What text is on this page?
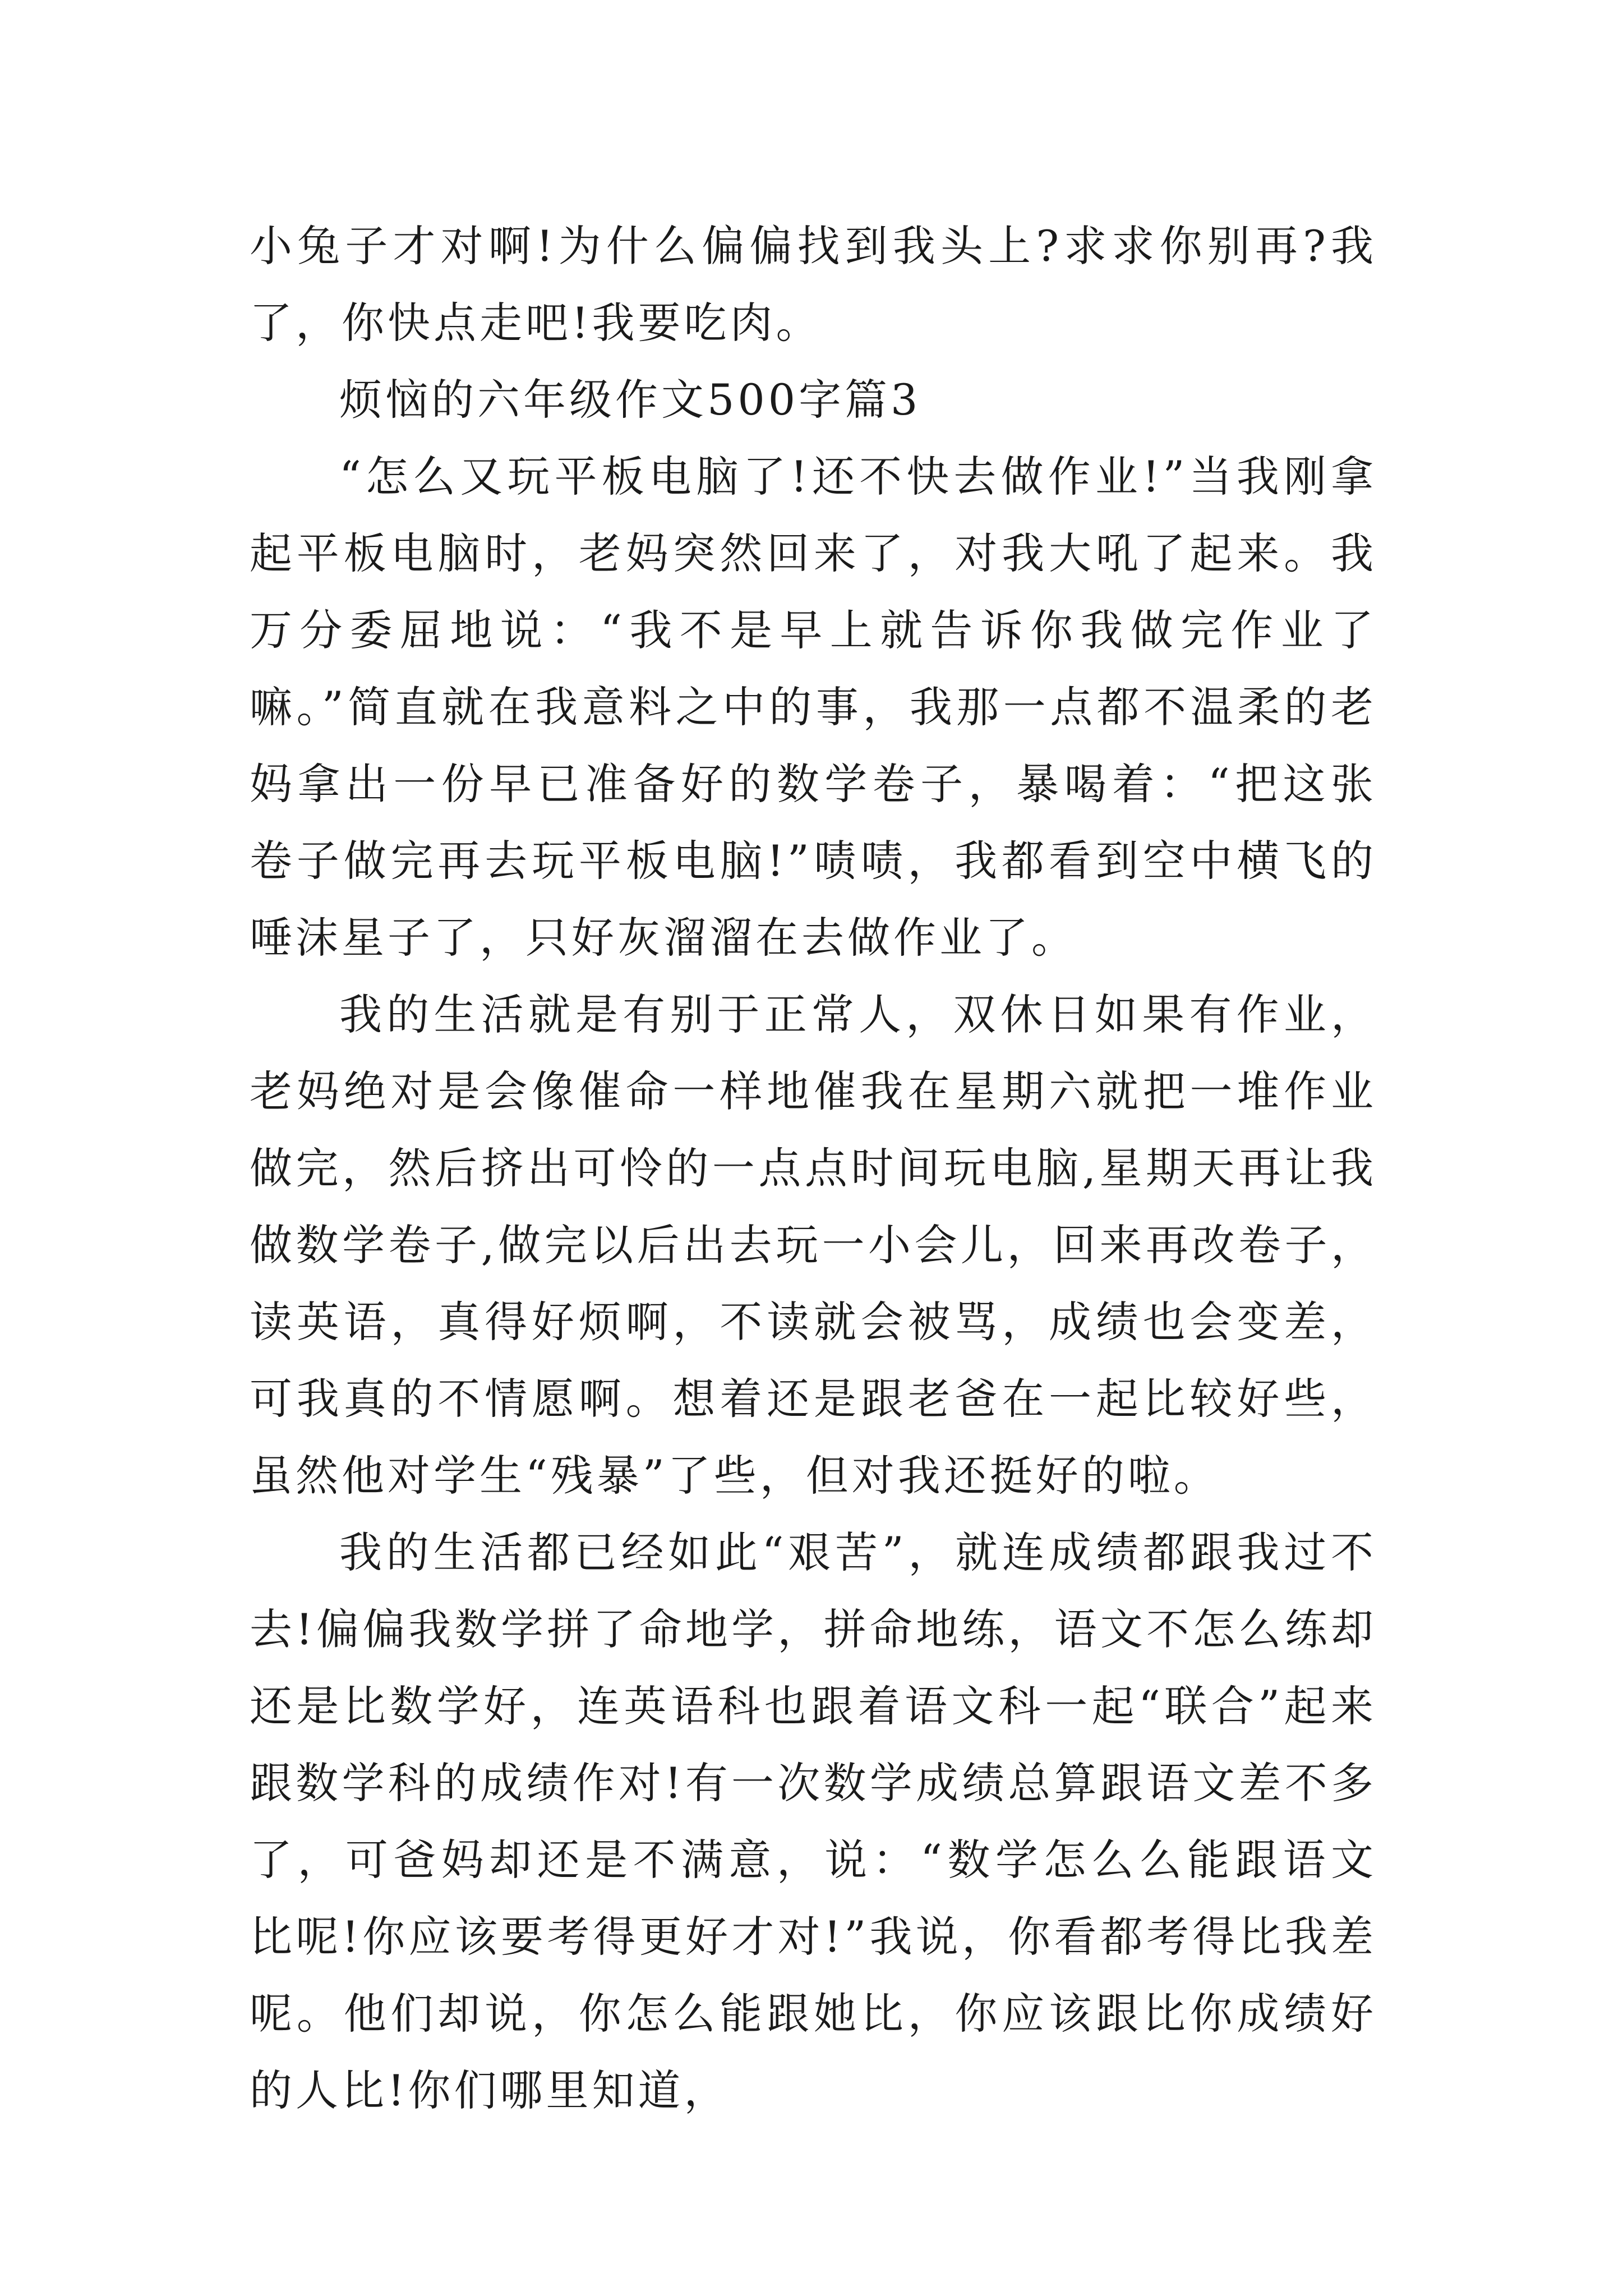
小兔子才对啊!为什么偏偏找到我头上?求求你别再?我了，你快点走吧!我要吃肉。

烦恼的六年级作文500字篇3

“怎么又玩平板电脑了!还不快去做作业!”当我刚拿起平板电脑时，老妈突然回来了，对我大吼了起来。我万分委屈地说：“我不是早上就告诉你我做完作业了嘛。”简直就在我意料之中的事，我那一点都不温柔的老妈拿出一份早已准备好的数学卷子，暴喝着：“把这张卷子做完再去玩平板电脑!”啧啧，我都看到空中横飞的唾沫星子了，只好灰溜溜在去做作业了。

我的生活就是有别于正常人，双休日如果有作业，老妈绝对是会像催命一样地催我在星期六就把一堆作业做完，然后挤出可怜的一点点时间玩电脑,星期天再让我做数学卷子,做完以后出去玩一小会儿，回来再改卷子，读英语，真得好烦啊，不读就会被骂，成绩也会变差，可我真的不情愿啊。想着还是跟老爸在一起比较好些，虽然他对学生“残暴”了些，但对我还挺好的啦。

我的生活都已经如此“艰苦”，就连成绩都跟我过不去!偏偏我数学拼了命地学，拼命地练，语文不怎么练却还是比数学好，连英语科也跟着语文科一起“联合”起来跟数学科的成绩作对!有一次数学成绩总算跟语文差不多了，可爸妈却还是不满意，说：“数学怎么么能跟语文比呢!你应该要考得更好才对!”我说，你看都考得比我差呢。他们却说，你怎么能跟她比，你应该跟比你成绩好的人比!你们哪里知道，
